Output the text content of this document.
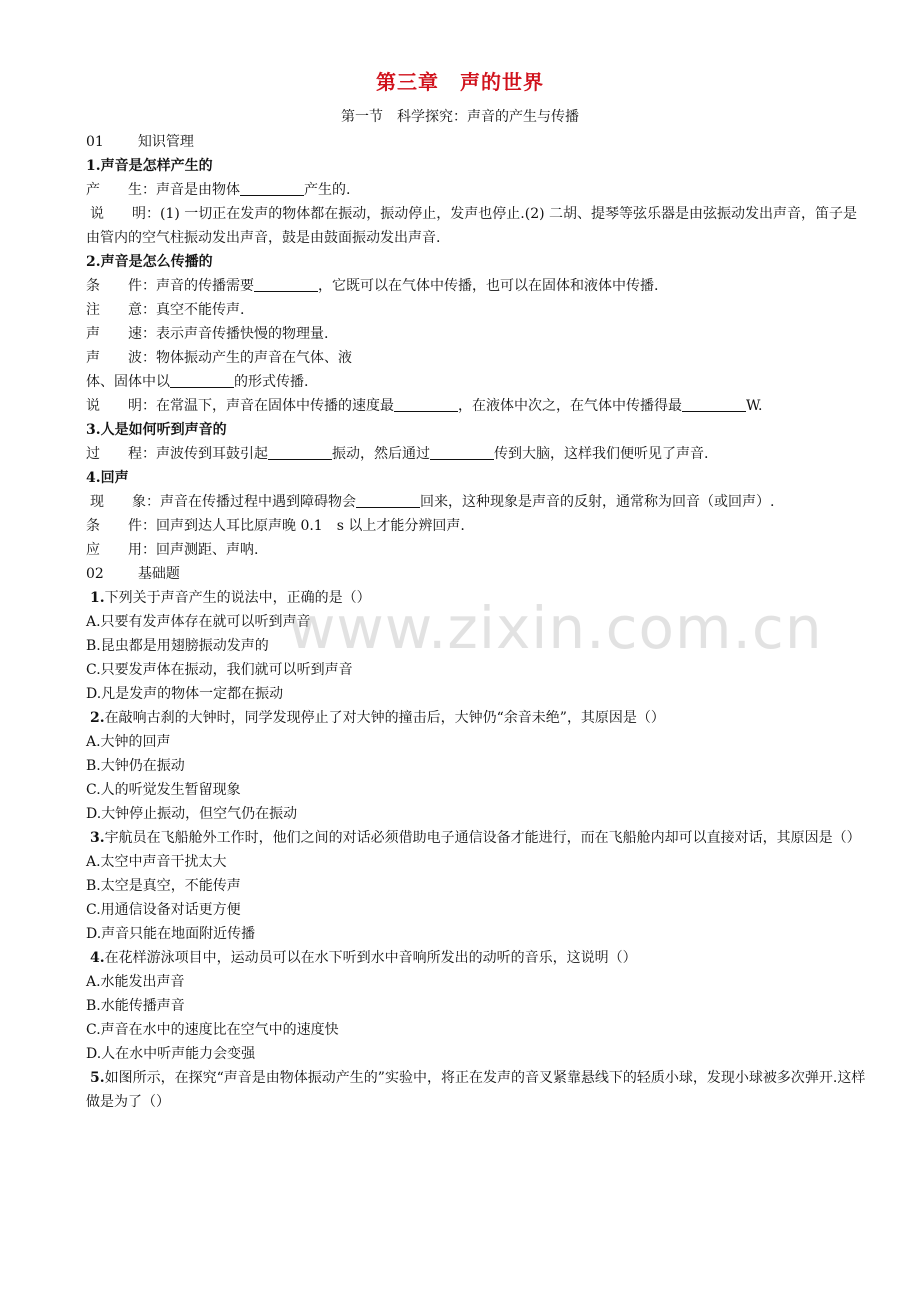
第三章　声的世界
第一节　科学探究：声音的产生与传播
01 知识管理
1.声音是怎样产生的
产　　生：声音是由物体	产生的.
说　　明：(1) 一切正在发声的物体都在振动，振动停止，发声也停止.(2) 二胡、提琴等弦乐器是由弦振动发出声音，笛子是由管内的空气柱振动发出声音，鼓是由鼓面振动发出声音.
2.声音是怎么传播的
条　　件：声音的传播需要	，它既可以在气体中传播，也可以在固体和液体中传播.
注　　意：真空不能传声.
声　　速：表示声音传播快慢的物理量.
声　　波：物体振动产生的声音在气体、液
体、固体中以	的形式传播.
说　　明：在常温下，声音在固体中传播的速度最	，在液体中次之，在气体中传播得最	W.
3.人是如何听到声音的
过　　程：声波传到耳鼓引起	振动，然后通过	传到大脑，这样我们便听见了声音.
4.回声
现　　象：声音在传播过程中遇到障碍物会	回来，这种现象是声音的反射，通常称为回音（或回声）.
条　　件：回声到达人耳比原声晚 0.1　s 以上才能分辨回声.
应　　用：回声测距、声呐.
02 基础题
1.下列关于声音产生的说法中，正确的是（）
A.只要有发声体存在就可以听到声音
B.昆虫都是用翅膀振动发声的
C.只要发声体在振动，我们就可以听到声音
D.凡是发声的物体一定都在振动
2.在敲响古刹的大钟时，同学发现停止了对大钟的撞击后，大钟仍“余音未绝”，其原因是（）
A.大钟的回声
B.大钟仍在振动
C.人的听觉发生暂留现象
D.大钟停止振动，但空气仍在振动
3.宇航员在飞船舱外工作时，他们之间的对话必须借助电子通信设备才能进行，而在飞船舱内却可以直接对话，其原因是（）
A.太空中声音干扰太大
B.太空是真空，不能传声
C.用通信设备对话更方便
D.声音只能在地面附近传播
4.在花样游泳项目中，运动员可以在水下听到水中音响所发出的动听的音乐，这说明（）
A.水能发出声音
B.水能传播声音
C.声音在水中的速度比在空气中的速度快
D.人在水中听声能力会变强
5.如图所示，在探究“声音是由物体振动产生的”实验中，将正在发声的音叉紧靠悬线下的轻质小球，发现小球被多次弹开.这样做是为了（）
www.zixin.com.cn
